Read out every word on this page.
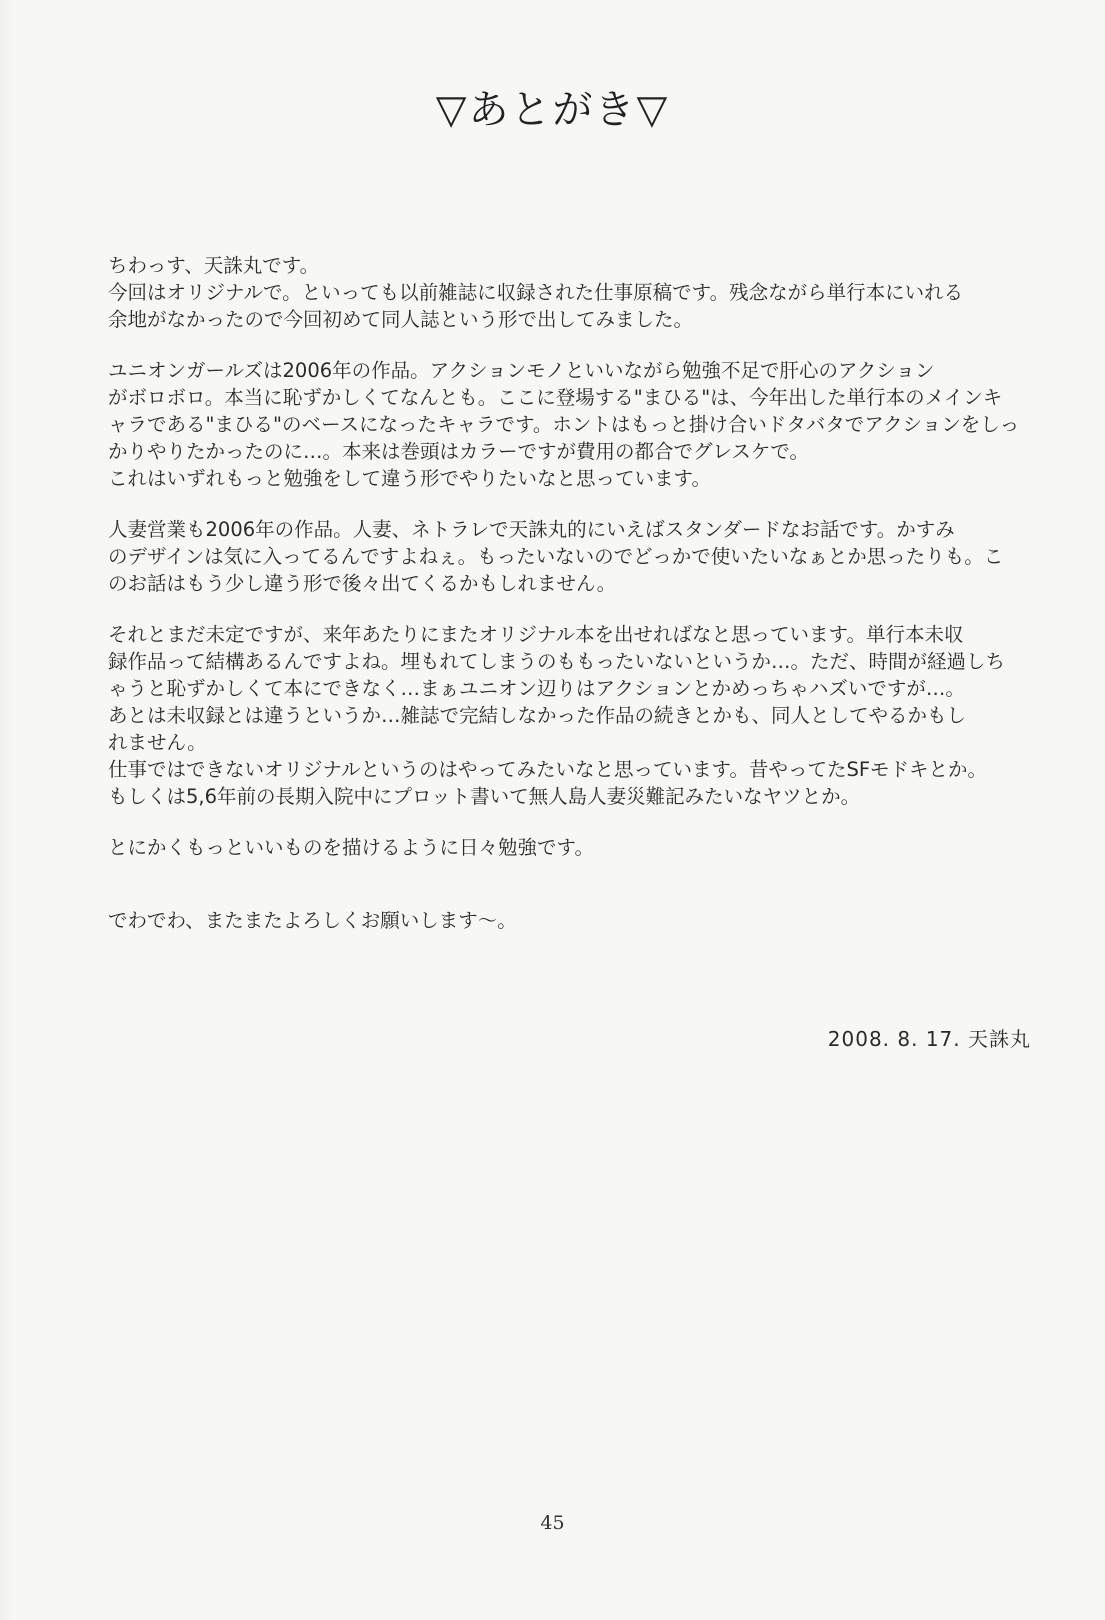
▽あとがき▽
ちわっす、天誅丸です。
今回はオリジナルで。といっても以前雑誌に収録された仕事原稿です。残念ながら単行本にいれる
余地がなかったので今回初めて同人誌という形で出してみました。
ユニオンガールズは2006年の作品。アクションモノといいながら勉強不足で肝心のアクション
がボロボロ。本当に恥ずかしくてなんとも。ここに登場する"まひる"は、今年出した単行本のメインキ
ャラである"まひる"のベースになったキャラです。ホントはもっと掛け合いドタバタでアクションをしっ
かりやりたかったのに…。本来は巻頭はカラーですが費用の都合でグレスケで。
これはいずれもっと勉強をして違う形でやりたいなと思っています。
人妻営業も2006年の作品。人妻、ネトラレで天誅丸的にいえばスタンダードなお話です。かすみ
のデザインは気に入ってるんですよねぇ。もったいないのでどっかで使いたいなぁとか思ったりも。こ
のお話はもう少し違う形で後々出てくるかもしれません。
それとまだ未定ですが、来年あたりにまたオリジナル本を出せればなと思っています。単行本未収
録作品って結構あるんですよね。埋もれてしまうのももったいないというか…。ただ、時間が経過しち
ゃうと恥ずかしくて本にできなく…まぁユニオン辺りはアクションとかめっちゃハズいですが…。
あとは未収録とは違うというか…雑誌で完結しなかった作品の続きとかも、同人としてやるかもし
れません。
仕事ではできないオリジナルというのはやってみたいなと思っています。昔やってたSFモドキとか。
もしくは5,6年前の長期入院中にプロット書いて無人島人妻災難記みたいなヤツとか。
とにかくもっといいものを描けるように日々勉強です。
でわでわ、またまたよろしくお願いします～。
2008. 8. 17. 天誅丸
45
